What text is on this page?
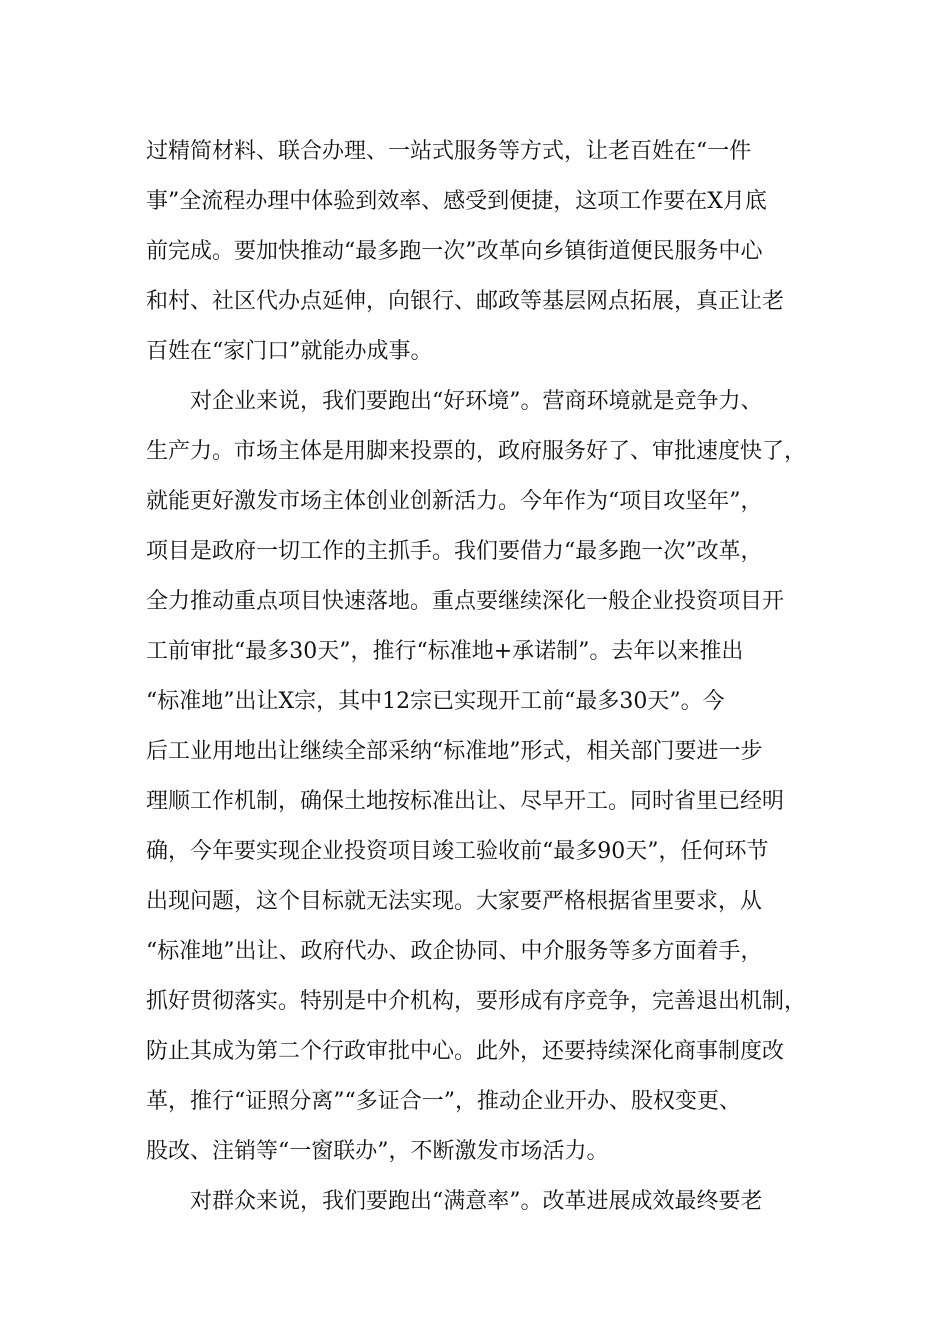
过精简材料、联合办理、一站式服务等方式，让老百姓在“一件
事”全流程办理中体验到效率、感受到便捷，这项工作要在X月底
前完成。要加快推动“最多跑一次”改革向乡镇街道便民服务中心
和村、社区代办点延伸，向银行、邮政等基层网点拓展，真正让老
百姓在“家门口”就能办成事。
对企业来说，我们要跑出“好环境”。营商环境就是竞争力、
生产力。市场主体是用脚来投票的，政府服务好了、审批速度快了，
就能更好激发市场主体创业创新活力。今年作为“项目攻坚年”，
项目是政府一切工作的主抓手。我们要借力“最多跑一次”改革，
全力推动重点项目快速落地。重点要继续深化一般企业投资项目开
工前审批“最多30天”，推行“标准地+承诺制”。去年以来推出
“标准地”出让X宗，其中12宗已实现开工前“最多30天”。今
后工业用地出让继续全部采纳“标准地”形式，相关部门要进一步
理顺工作机制，确保土地按标准出让、尽早开工。同时省里已经明
确，今年要实现企业投资项目竣工验收前“最多90天”，任何环节
出现问题，这个目标就无法实现。大家要严格根据省里要求，从
“标准地”出让、政府代办、政企协同、中介服务等多方面着手，
抓好贯彻落实。特别是中介机构，要形成有序竞争，完善退出机制，
防止其成为第二个行政审批中心。此外，还要持续深化商事制度改
革，推行“证照分离”“多证合一”，推动企业开办、股权变更、
股改、注销等“一窗联办”，不断激发市场活力。
对群众来说，我们要跑出“满意率”。改革进展成效最终要老
